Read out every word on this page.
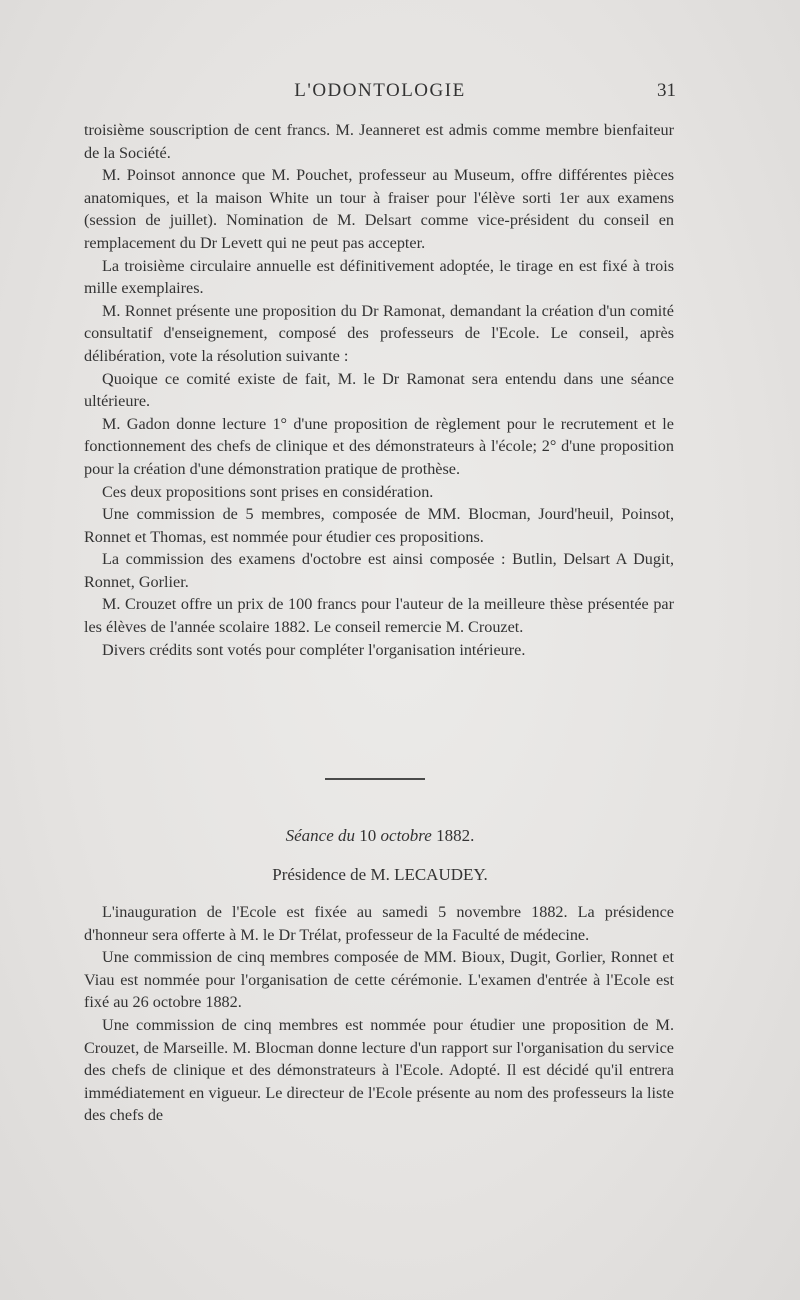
L'ODONTOLOGIE	31

troisième souscription de cent francs. M. Jeanneret est admis comme membre bienfaiteur de la Société.

M. Poinsot annonce que M. Pouchet, professeur au Museum, offre différentes pièces anatomiques, et la maison White un tour à fraiser pour l'élève sorti 1er aux examens (session de juillet). Nomination de M. Delsart comme vice-président du conseil en remplacement du Dr Levett qui ne peut pas accepter.

La troisième circulaire annuelle est définitivement adoptée, le tirage en est fixé à trois mille exemplaires.

M. Ronnet présente une proposition du Dr Ramonat, demandant la création d'un comité consultatif d'enseignement, composé des professeurs de l'Ecole. Le conseil, après délibération, vote la résolution suivante :

Quoique ce comité existe de fait, M. le Dr Ramonat sera entendu dans une séance ultérieure.

M. Gadon donne lecture 1° d'une proposition de règlement pour le recrutement et le fonctionnement des chefs de clinique et des démonstrateurs à l'école; 2° d'une proposition pour la création d'une démonstration pratique de prothèse.

Ces deux propositions sont prises en considération.

Une commission de 5 membres, composée de MM. Blocman, Jourd'heuil, Poinsot, Ronnet et Thomas, est nommée pour étudier ces propositions.

La commission des examens d'octobre est ainsi composée : Butlin, Delsart A Dugit, Ronnet, Gorlier.

M. Crouzet offre un prix de 100 francs pour l'auteur de la meilleure thèse présentée par les élèves de l'année scolaire 1882. Le conseil remercie M. Crouzet.

Divers crédits sont votés pour compléter l'organisation intérieure.

Séance du 10 octobre 1882.
Présidence de M. LECAUDEY.

L'inauguration de l'Ecole est fixée au samedi 5 novembre 1882. La présidence d'honneur sera offerte à M. le Dr Trélat, professeur de la Faculté de médecine.

Une commission de cinq membres composée de MM. Bioux, Dugit, Gorlier, Ronnet et Viau est nommée pour l'organisation de cette cérémonie. L'examen d'entrée à l'Ecole est fixé au 26 octobre 1882.

Une commission de cinq membres est nommée pour étudier une proposition de M. Crouzet, de Marseille. M. Blocman donne lecture d'un rapport sur l'organisation du service des chefs de clinique et des démonstrateurs à l'Ecole. Adopté. Il est décidé qu'il entrera immédiatement en vigueur. Le directeur de l'Ecole présente au nom des professeurs la liste des chefs de
